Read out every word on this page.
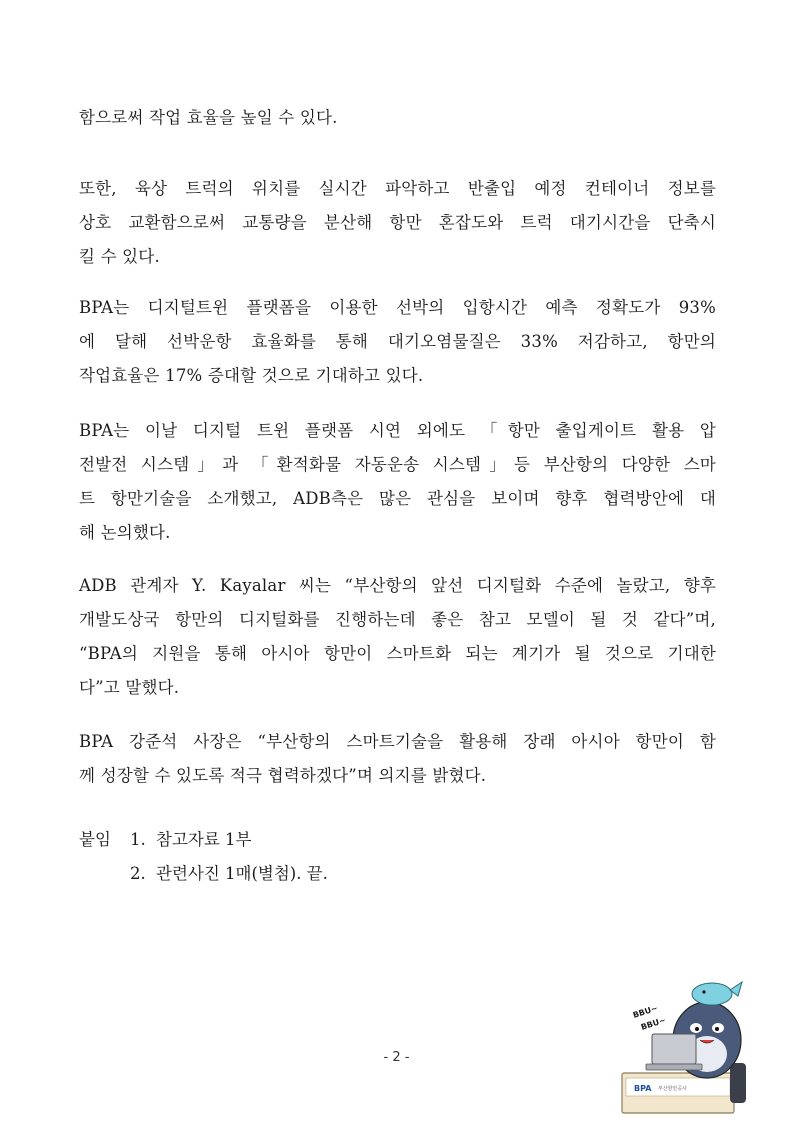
함으로써 작업 효율을 높일 수 있다.

또한, 육상 트럭의 위치를 실시간 파악하고 반출입 예정 컨테이너 정보를
상호 교환함으로써 교통량을 분산해 항만 혼잡도와 트럭 대기시간을 단축시
킬 수 있다.

BPA는 디지털트윈 플랫폼을 이용한 선박의 입항시간 예측 정확도가 93%
에 달해 선박운항 효율화를 통해 대기오염물질은 33% 저감하고, 항만의
작업효율은 17% 증대할 것으로 기대하고 있다.

BPA는 이날 디지털 트윈 플랫폼 시연 외에도 「항만 출입게이트 활용 압
전발전 시스템」과 「환적화물 자동운송 시스템」등 부산항의 다양한 스마
트 항만기술을 소개했고, ADB측은 많은 관심을 보이며 향후 협력방안에 대
해 논의했다.

ADB 관계자 Y. Kayalar 씨는 “부산항의 앞선 디지털화 수준에 놀랐고, 향후
개발도상국 항만의 디지털화를 진행하는데 좋은 참고 모델이 될 것 같다”며,
“BPA의 지원을 통해 아시아 항만이 스마트화 되는 계기가 될 것으로 기대한
다”고 말했다.

BPA 강준석 사장은 “부산항의 스마트기술을 활용해 장래 아시아 항만이 함
께 성장할 수 있도록 적극 협력하겠다”며 의지를 밝혔다.

붙임	1. 참고자료 1부
2. 관련사진 1매(별첨). 끝.
- 2 -
BPA 부산항만공사
BBU~
BBU~
